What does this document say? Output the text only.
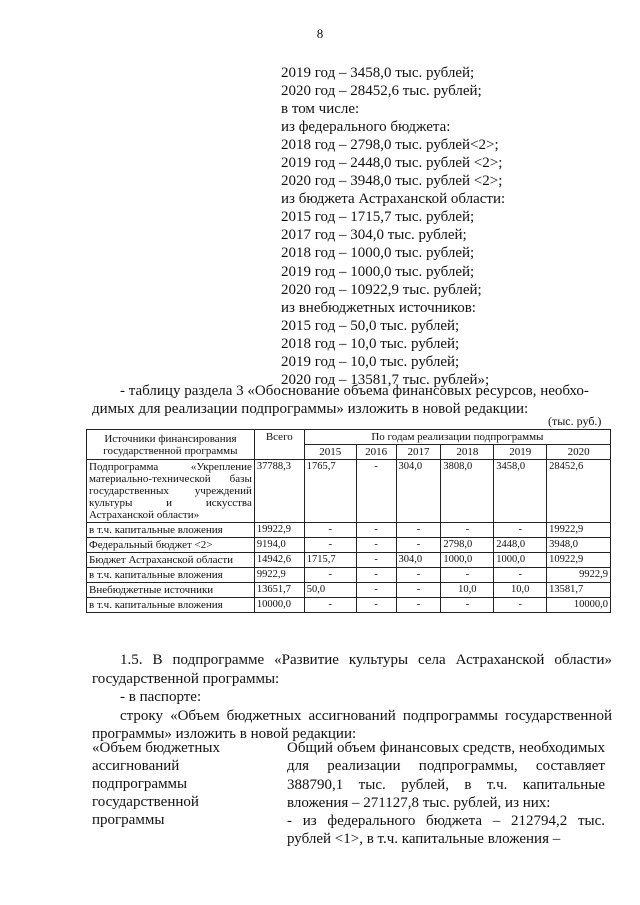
8
2019 год – 3458,0 тыс. рублей;
2020 год – 28452,6 тыс. рублей;
в том числе:
из федерального бюджета:
2018 год – 2798,0 тыс. рублей<2>;
2019 год – 2448,0 тыс. рублей <2>;
2020 год – 3948,0 тыс. рублей <2>;
из бюджета Астраханской области:
2015 год – 1715,7 тыс. рублей;
2017 год – 304,0 тыс. рублей;
2018 год – 1000,0 тыс. рублей;
2019 год – 1000,0 тыс. рублей;
2020 год – 10922,9 тыс. рублей;
из внебюджетных источников:
2015 год – 50,0 тыс. рублей;
2018 год – 10,0 тыс. рублей;
2019 год – 10,0 тыс. рублей;
2020 год – 13581,7 тыс. рублей»;
- таблицу раздела 3 «Обоснование объема финансовых ресурсов, необхо-
димых для реализации подпрограммы» изложить в новой редакции:
(тыс. руб.)
Источники финансирования государственной программы	Всего	По годам реализации подпрограммы					
		2015	2016	2017	2018	2019	2020
Подпрограмма «Укрепление материально-технической базы государственных учреждений культуры и искусства Астраханской области»	37788,3	1765,7	-	304,0	3808,0	3458,0	28452,6
в т.ч. капитальные вложения	19922,9	-	-	-	-	-	19922,9
Федеральный бюджет <2>	9194,0	-	-	-	2798,0	2448,0	3948,0
Бюджет Астраханской области	14942,6	1715,7	-	304,0	1000,0	1000,0	10922,9
в т.ч. капитальные вложения	9922,9	-	-	-	-	-	9922,9
Внебюджетные источники	13651,7	50,0	-	-	10,0	10,0	13581,7
в т.ч. капитальные вложения	10000,0	-	-	-	-	-	10000,0
1.5. В подпрограмме «Развитие культуры села Астраханской области» государственной программы:
- в паспорте:
строку «Объем бюджетных ассигнований подпрограммы государственной программы» изложить в новой редакции:
«Объем бюджетных ассигнований подпрограммы государственной программы
Общий объем финансовых средств, необходимых для реализации подпрограммы, составляет 388790,1 тыс. рублей, в т.ч. капитальные вложения – 271127,8 тыс. рублей, из них:
- из федерального бюджета – 212794,2 тыс. рублей <1>, в т.ч. капитальные вложения –
